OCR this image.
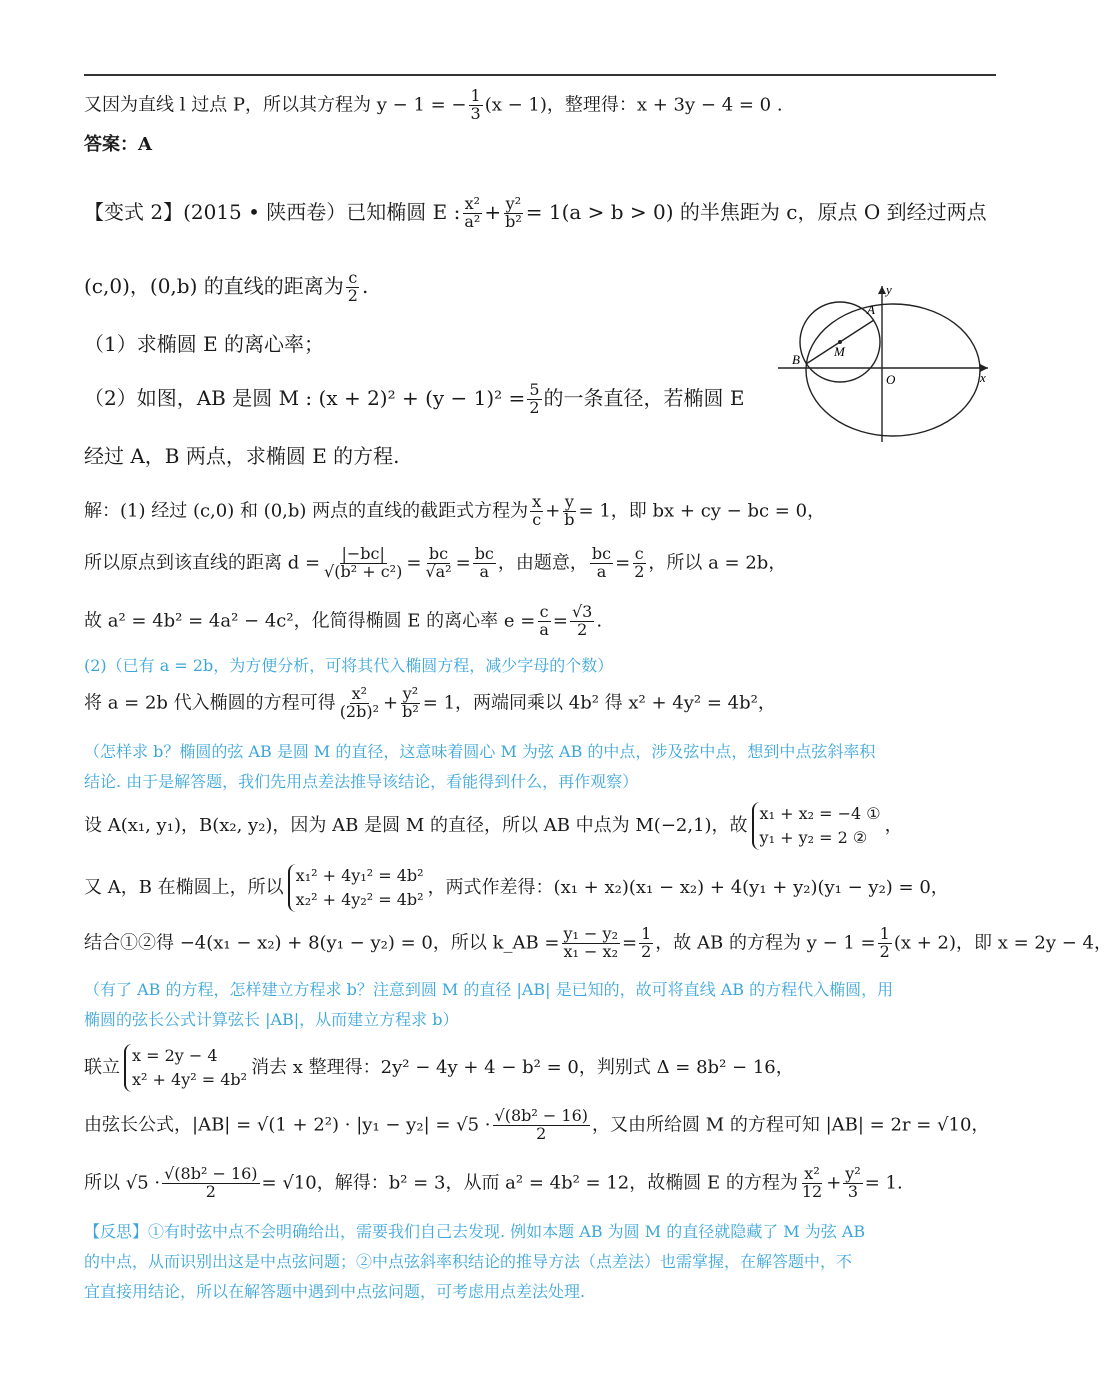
又因为直线 l 过点 P，所以其方程为 y − 1 = − $\frac{1}{3} (x - 1)$，整理得：x + 3y − 4 = 0 .
答案：A
【变式 2】(2015 • 陕西卷）已知椭圆 E : $\frac{\text{x²}}{\text{a²}} + \frac{\text{y²}}{\text{b²}} = 1(a > b > 0)$ 的半焦距为 c，原点 O 到经过两点
(c,0)，(0,b) 的直线的距离为 $\frac{c}{2}$ .
（1）求椭圆 E 的离心率；
（2）如图，AB 是圆 M : $(x + 2)^2 + (y - 1)^2 = \frac{5}{2}$ 的一条直径，若椭圆 E
经过 A，B 两点，求椭圆 E 的方程.
y
x
A
B
M
O
解：(1) 经过 (c,0) 和 (0,b) 两点的直线的截距式方程为 $\frac{x}{c} + \frac{y}{b} = 1$，即 bx + cy − bc = 0，
所以原点到该直线的距离 $d = \frac{|-bc|}{\text{√(b² + c²)}} = \frac{bc}{\text{√a²}} = \frac{bc}{a}$ ，由题意， $\frac{bc}{a} = \frac{c}{2}$ ，所以 a = 2b，
故 a² = 4b² = 4a² − 4c²，化简得椭圆 E 的离心率 $e = \frac{c}{a} = \frac{√3}{2}$ .
(2)（已有 a = 2b，为方便分析，可将其代入椭圆方程，减少字母的个数）
将 a = 2b 代入椭圆的方程可得 $\frac{\text{x²}}{\text{(2b)²}} + \frac{\text{y²}}{\text{b²}} = 1$，两端同乘以 4b² 得 x² + 4y² = 4b²，
（怎样求 b？椭圆的弦 AB 是圆 M 的直径，这意味着圆心 M 为弦 AB 的中点，涉及弦中点，想到中点弦斜率积
结论. 由于是解答题，我们先用点差法推导该结论，看能得到什么，再作观察）
设 A(x₁, y₁)，B(x₂, y₂)，因为 AB 是圆 M 的直径，所以 AB 中点为 M(−2,1)，故
x₁ + x₂ = −4 ①
y₁ + y₂ = 2 ②
，
又 A，B 在椭圆上，所以
x₁² + 4y₁² = 4b²
x₂² + 4y₂² = 4b²
，两式作差得：(x₁ + x₂)(x₁ − x₂) + 4(y₁ + y₂)(y₁ − y₂) = 0，
结合①②得 −4(x₁ − x₂) + 8(y₁ − y₂) = 0，所以 k_AB = $\frac{\text{y₁ − y₂}}{\text{x₁ − x₂}} = \frac{1}{2}$ ，故 AB 的方程为 $y - 1 = \frac{1}{2} (x + 2)$，即 x = 2y − 4，
（有了 AB 的方程，怎样建立方程求 b？注意到圆 M 的直径 |AB| 是已知的，故可将直线 AB 的方程代入椭圆，用
椭圆的弦长公式计算弦长 |AB|，从而建立方程求 b）
联立
x = 2y − 4
x² + 4y² = 4b²
消去 x 整理得：2y² − 4y + 4 − b² = 0，判别式 Δ = 8b² − 16，
由弦长公式，$|AB| = √(1 + 2^2) \cdot |y_1 - y_2| = √5 \cdot \frac{\text{√(8b² − 16)}}{2}$ ，又由所给圆 M 的方程可知 |AB| = 2r = √10，
所以 $√5 \cdot \frac{\text{√(8b² − 16)}}{2} = √10$，解得：b² = 3，从而 a² = 4b² = 12，故椭圆 E 的方程为 $\frac{\text{x²}}{12} + \frac{\text{y²}}{3} = 1$.
【反思】①有时弦中点不会明确给出，需要我们自己去发现. 例如本题 AB 为圆 M 的直径就隐藏了 M 为弦 AB
的中点，从而识别出这是中点弦问题；②中点弦斜率积结论的推导方法（点差法）也需掌握，在解答题中，不
宜直接用结论，所以在解答题中遇到中点弦问题，可考虑用点差法处理.
